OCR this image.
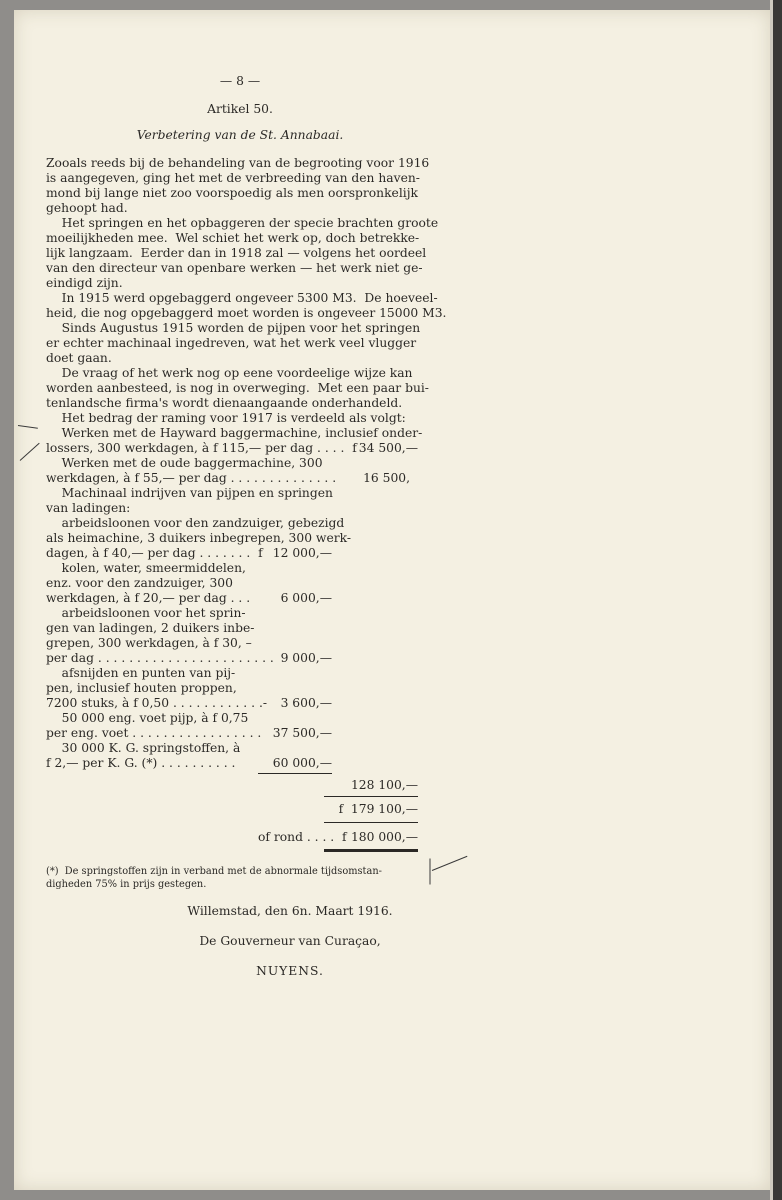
— 8 —
Artikel 50.
Verbetering van de St. Annabaai.
Zooals reeds bij de behandeling van de begrooting voor 1916
is aangegeven, ging het met de verbreeding van den haven-
mond bij lange niet zoo voorspoedig als men oorspronkelijk
gehoopt had.
Het springen en het opbaggeren der specie brachten groote
moeilijkheden mee.  Wel schiet het werk op, doch betrekke-
lijk langzaam.  Eerder dan in 1918 zal — volgens het oordeel
van den directeur van openbare werken — het werk niet ge-
eindigd zijn.
In 1915 werd opgebaggerd ongeveer 5300 M3.  De hoeveel-
heid, die nog opgebaggerd moet worden is ongeveer 15000 M3.
Sinds Augustus 1915 worden de pijpen voor het springen
er echter machinaal ingedreven, wat het werk veel vlugger
doet gaan.
De vraag of het werk nog op eene voordeelige wijze kan
worden aanbesteed, is nog in overweging.  Met een paar bui-
tenlandsche firma's wordt dienaangaande onderhandeld.
Het bedrag der raming voor 1917 is verdeeld als volgt:
Werken met de Hayward baggermachine, inclusief onder-
lossers, 300 werkdagen, à f 115,— per dag . . . .  f 34 500,—
Werken met de oude baggermachine, 300
werkdagen, à f 55,— per dag . . . . . . . . . . . . . .	16 500,
Machinaal indrijven van pijpen en springen
van ladingen:
arbeidsloonen voor den zandzuiger, gebezigd
als heimachine, 3 duikers inbegrepen, 300 werk-
dagen, à f 40,— per dag . . . . . . .  f 12 000,—
kolen, water, smeermiddelen,
enz. voor den zandzuiger, 300
werkdagen, à f 20,— per dag . . .	6 000,—
arbeidsloonen voor het sprin-
gen van ladingen, 2 duikers inbe-
grepen, 300 werkdagen, à f 30, –
per dag . . . . . . . . . . . . . . . . . . . . . . . 9 000,—
afsnijden en punten van pij-
pen, inclusief houten proppen,
7200 stuks, à f 0,50 . . . . . . . . . . . .-	3 600,—
50 000 eng. voet pijp, à f 0,75
per eng. voet . . . . . . . . . . . . . . . . . 37 500,—
30 000 K. G. springstoffen, à
f 2,— per K. G. (*) . . . . . . . . . .	60 000,—
128 100,—
f  179 100,—
of rond . . . .  f 180 000,—
(*)  De springstoffen zijn in verband met de abnormale tijdsomstan-
digheden 75% in prijs gestegen.
Willemstad, den 6n. Maart 1916.
De Gouverneur van Curaçao,
NUYENS.
